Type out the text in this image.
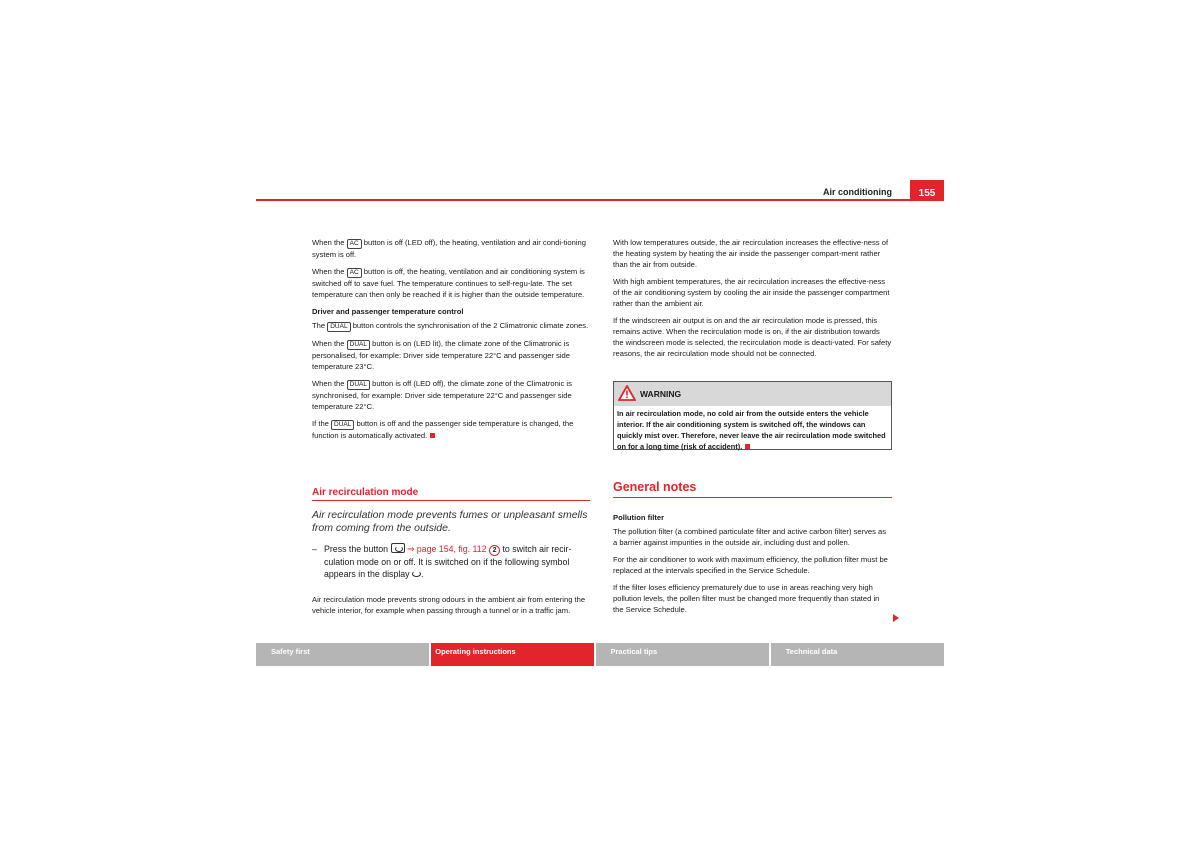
Air conditioning	155

When the AC button is off (LED off), the heating, ventilation and air condi-tioning system is off.

When the AC button is off, the heating, ventilation and air conditioning system is switched off to save fuel. The temperature continues to self-regu-late. The set temperature can then only be reached if it is higher than the outside temperature.

Driver and passenger temperature control

The DUAL button controls the synchronisation of the 2 Climatronic climate zones.

When the DUAL button is on (LED lit), the climate zone of the Climatronic is personalised, for example: Driver side temperature 22°C and passenger side temperature 23°C.

When the DUAL button is off (LED off), the climate zone of the Climatronic is synchronised, for example: Driver side temperature 22°C and passenger side temperature 22°C.

If the DUAL button is off and the passenger side temperature is changed, the function is automatically activated.

Air recirculation mode
Air recirculation mode prevents fumes or unpleasant smells from coming from the outside.
– Press the button ⇒ page 154, fig. 112 2 to switch air recir-culation mode on or off. It is switched on if the following symbol appears in the display .

Air recirculation mode prevents strong odours in the ambient air from entering the vehicle interior, for example when passing through a tunnel or in a traffic jam.

With low temperatures outside, the air recirculation increases the effective-ness of the heating system by heating the air inside the passenger compart-ment rather than the air from outside.

With high ambient temperatures, the air recirculation increases the effective-ness of the air conditioning system by cooling the air inside the passenger compartment rather than the ambient air.

If the windscreen air output is on and the air recirculation mode is pressed, this remains active. When the recirculation mode is on, if the air distribution towards the windscreen mode is selected, the recirculation mode is deacti-vated. For safety reasons, the air recirculation mode should not be connected.

WARNING
In air recirculation mode, no cold air from the outside enters the vehicle interior. If the air conditioning system is switched off, the windows can quickly mist over. Therefore, never leave the air recirculation mode switched on for a long time (risk of accident).
General notes
Pollution filter

The pollution filter (a combined particulate filter and active carbon filter) serves as a barrier against impurities in the outside air, including dust and pollen.

For the air conditioner to work with maximum efficiency, the pollution filter must be replaced at the intervals specified in the Service Schedule.

If the filter loses efficiency prematurely due to use in areas reaching very high pollution levels, the pollen filter must be changed more frequently than stated in the Service Schedule.

Safety first	Operating instructions	Practical tips	Technical data
